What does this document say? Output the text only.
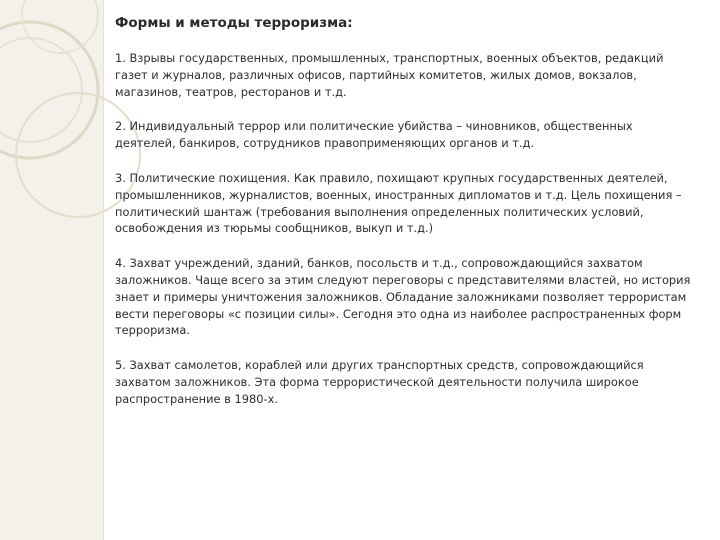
Формы и методы терроризма:

1. Взрывы государственных, промышленных, транспортных, военных объектов, редакций газет и журналов, различных офисов, партийных комитетов, жилых домов, вокзалов, магазинов, театров, ресторанов и т.д.

2. Индивидуальный террор или политические убийства – чиновников, общественных деятелей, банкиров, сотрудников правоприменяющих органов и т.д.

3. Политические похищения. Как правило, похищают крупных государственных деятелей, промышленников, журналистов, военных, иностранных дипломатов и т.д. Цель похищения – политический шантаж (требования выполнения определенных политических условий, освобождения из тюрьмы сообщников, выкуп и т.д.)

4. Захват учреждений, зданий, банков, посольств и т.д., сопровождающийся захватом заложников. Чаще всего за этим следуют переговоры с представителями властей, но история знает и примеры уничтожения заложников. Обладание заложниками позволяет террористам вести переговоры «с позиции силы». Сегодня это одна из наиболее распространенных форм терроризма.

5. Захват самолетов, кораблей или других транспортных средств, сопровождающийся захватом заложников. Эта форма террористической деятельности получила широкое распространение в 1980-х.
